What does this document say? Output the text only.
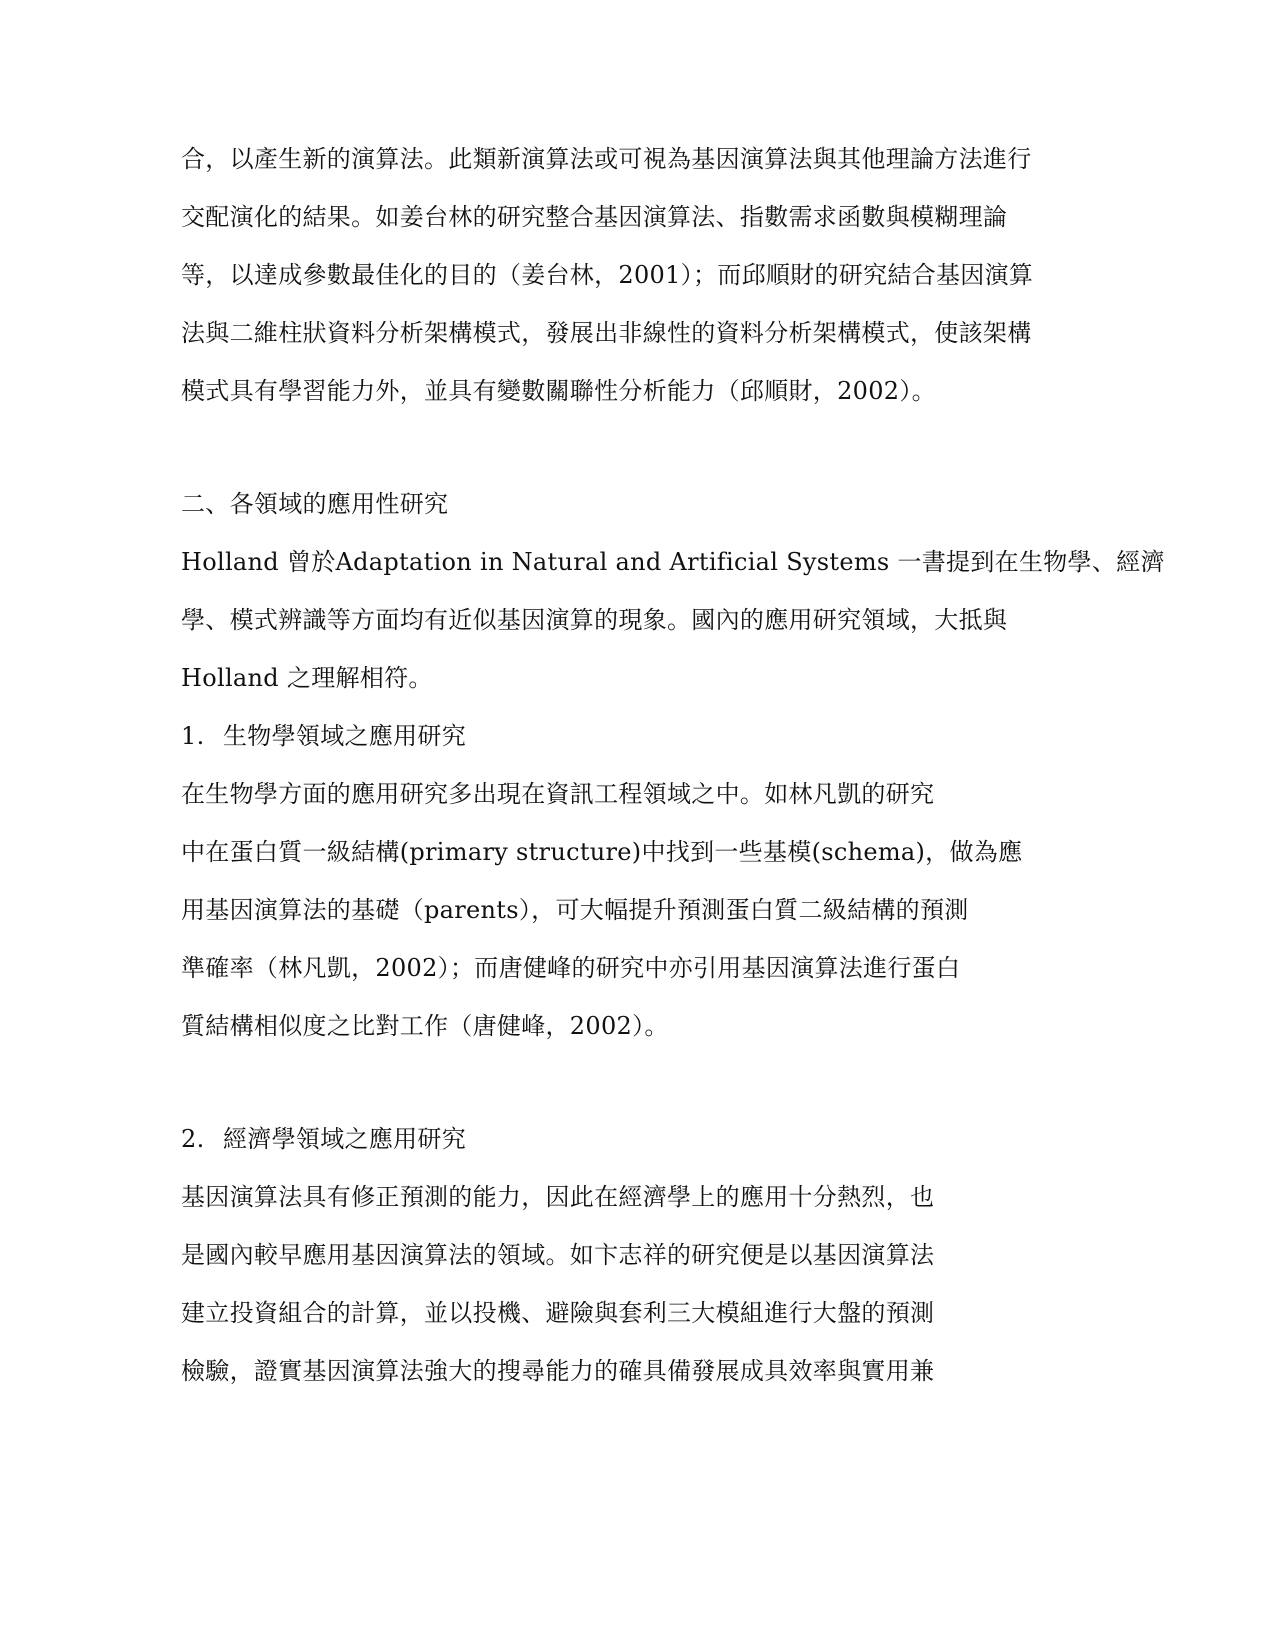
合，以產生新的演算法。此類新演算法或可視為基因演算法與其他理論方法進行
交配演化的結果。如姜台林的研究整合基因演算法、指數需求函數與模糊理論
等，以達成參數最佳化的目的（姜台林，2001）；而邱順財的研究結合基因演算
法與二維柱狀資料分析架構模式，發展出非線性的資料分析架構模式，使該架構
模式具有學習能力外，並具有變數關聯性分析能力（邱順財，2002）。
二、各領域的應用性研究
Holland 曾於Adaptation in Natural and Artificial Systems 一書提到在生物學、經濟
學、模式辨識等方面均有近似基因演算的現象。國內的應用研究領域，大抵與
Holland 之理解相符。
1. 生物學領域之應用研究
在生物學方面的應用研究多出現在資訊工程領域之中。如林凡凱的研究
中在蛋白質一級結構(primary structure)中找到一些基模(schema)，做為應
用基因演算法的基礎（parents），可大幅提升預測蛋白質二級結構的預測
準確率（林凡凱，2002）；而唐健峰的研究中亦引用基因演算法進行蛋白
質結構相似度之比對工作（唐健峰，2002）。
2. 經濟學領域之應用研究
基因演算法具有修正預測的能力，因此在經濟學上的應用十分熱烈，也
是國內較早應用基因演算法的領域。如卞志祥的研究便是以基因演算法
建立投資組合的計算，並以投機、避險與套利三大模組進行大盤的預測
檢驗，證實基因演算法強大的搜尋能力的確具備發展成具效率與實用兼
